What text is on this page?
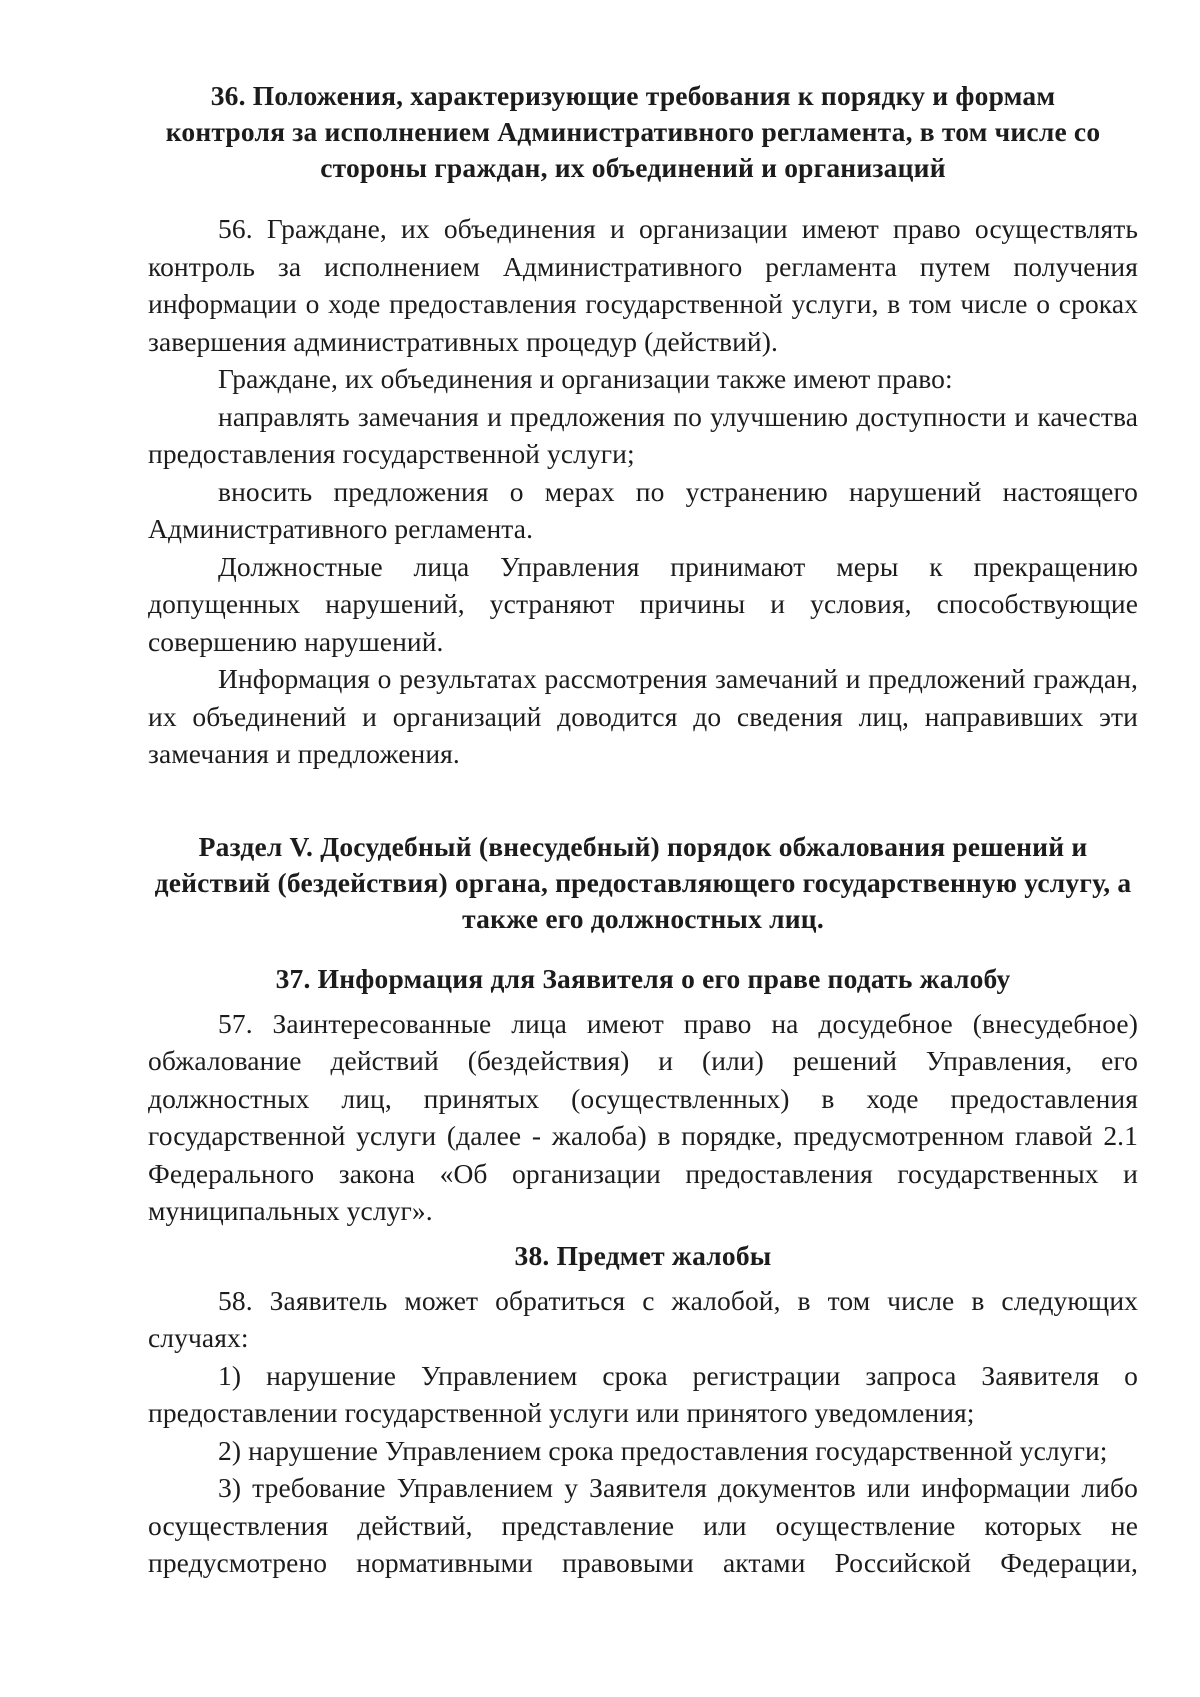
36. Положения, характеризующие требования к порядку и формам контроля за исполнением Административного регламента, в том числе со стороны граждан, их объединений и организаций

56. Граждане, их объединения и организации имеют право осуществлять контроль за исполнением Административного регламента путем получения информации о ходе предоставления государственной услуги, в том числе о сроках завершения административных процедур (действий).

Граждане, их объединения и организации также имеют право:

направлять замечания и предложения по улучшению доступности и качества предоставления государственной услуги;

вносить предложения о мерах по устранению нарушений настоящего Административного регламента.

Должностные лица Управления принимают меры к прекращению допущенных нарушений, устраняют причины и условия, способствующие совершению нарушений.

Информация о результатах рассмотрения замечаний и предложений граждан, их объединений и организаций доводится до сведения лиц, направивших эти замечания и предложения.

Раздел V. Досудебный (внесудебный) порядок обжалования решений и действий (бездействия) органа, предоставляющего государственную услугу, а также его должностных лиц.
37. Информация для Заявителя о его праве подать жалобу

57. Заинтересованные лица имеют право на досудебное (внесудебное) обжалование действий (бездействия) и (или) решений Управления, его должностных лиц, принятых (осуществленных) в ходе предоставления государственной услуги (далее - жалоба) в порядке, предусмотренном главой 2.1 Федерального закона «Об организации предоставления государственных и муниципальных услуг».

38. Предмет жалобы

58. Заявитель может обратиться с жалобой, в том числе в следующих случаях:

1) нарушение Управлением срока регистрации запроса Заявителя о предоставлении государственной услуги или принятого уведомления;

2) нарушение Управлением срока предоставления государственной услуги;

3) требование Управлением у Заявителя документов или информации либо осуществления действий, представление или осуществление которых не предусмотрено нормативными правовыми актами Российской Федерации,
